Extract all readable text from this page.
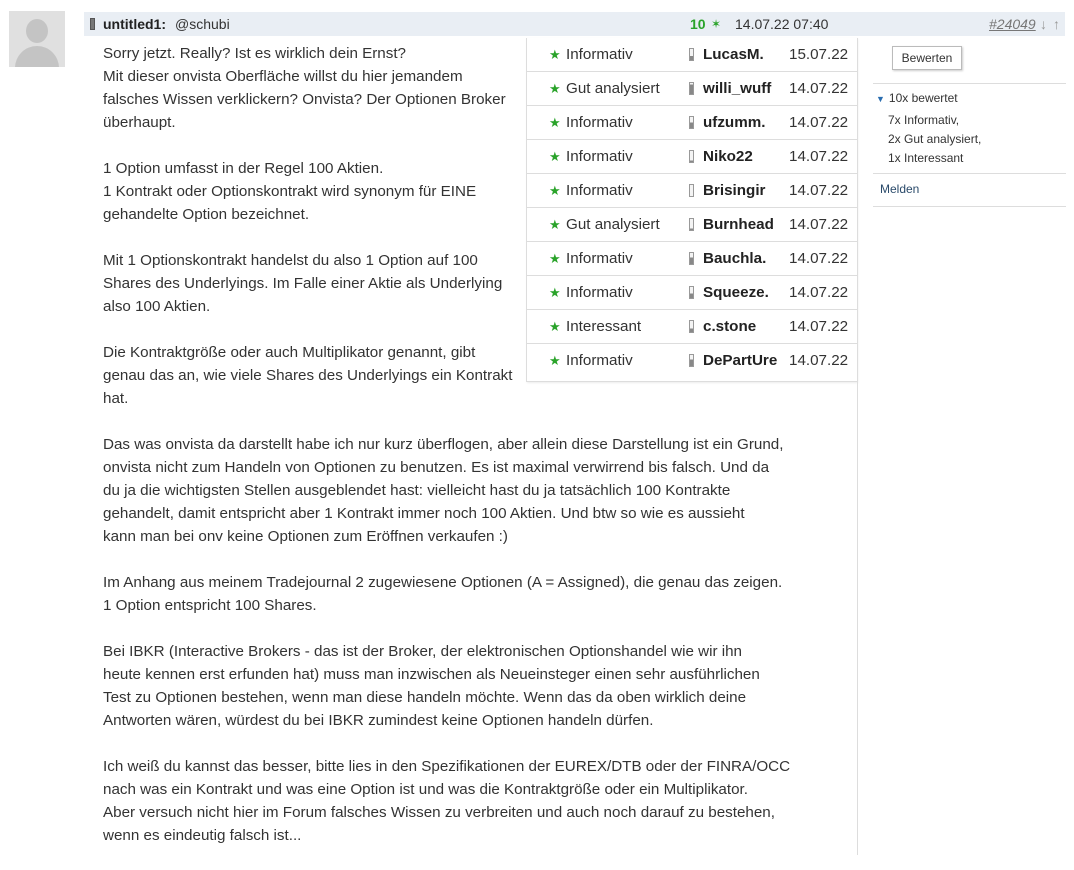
untitled1: @schubi	10 ✶ 14.07.22 07:40	#24049 ↓ ↑

Sorry jetzt. Really? Ist es wirklich dein Ernst?
Mit dieser onvista Oberfläche willst du hier jemandem
falsches Wissen verklickern? Onvista? Der Optionen Broker
überhaupt.

1 Option umfasst in der Regel 100 Aktien.
1 Kontrakt oder Optionskontrakt wird synonym für EINE
gehandelte Option bezeichnet.

Mit 1 Optionskontrakt handelst du also 1 Option auf 100
Shares des Underlyings. Im Falle einer Aktie als Underlying
also 100 Aktien.

Die Kontraktgröße oder auch Multiplikator genannt, gibt
genau das an, wie viele Shares des Underlyings ein Kontrakt
hat.

Das was onvista da darstellt habe ich nur kurz überflogen, aber allein diese Darstellung ist ein Grund,
onvista nicht zum Handeln von Optionen zu benutzen. Es ist maximal verwirrend bis falsch. Und da
du ja die wichtigsten Stellen ausgeblendet hast: vielleicht hast du ja tatsächlich 100 Kontrakte
gehandelt, damit entspricht aber 1 Kontrakt immer noch 100 Aktien. Und btw so wie es aussieht
kann man bei onv keine Optionen zum Eröffnen verkaufen :)

Im Anhang aus meinem Tradejournal 2 zugewiesene Optionen (A = Assigned), die genau das zeigen.
1 Option entspricht 100 Shares.

Bei IBKR (Interactive Brokers - das ist der Broker, der elektronischen Optionshandel wie wir ihn
heute kennen erst erfunden hat) muss man inzwischen als Neueinsteger einen sehr ausführlichen
Test zu Optionen bestehen, wenn man diese handeln möchte. Wenn das da oben wirklich deine
Antworten wären, würdest du bei IBKR zumindest keine Optionen handeln dürfen.

Ich weiß du kannst das besser, bitte lies in den Spezifikationen der EUREX/DTB oder der FINRA/OCC
nach was ein Kontrakt und was eine Option ist und was die Kontraktgröße oder ein Multiplikator.
Aber versuch nicht hier im Forum falsches Wissen zu verbreiten und auch noch darauf zu bestehen,
wenn es eindeutig falsch ist...

★ Informativ	LucasM. 15.07.22
★ Gut analysiert	willi_wuff 14.07.22
★ Informativ	ufzumm. 14.07.22
★ Informativ	Niko22 14.07.22
★ Informativ	Brisingir 14.07.22
★ Gut analysiert	Burnhead 14.07.22
★ Informativ	Bauchla. 14.07.22
★ Informativ	Squeeze. 14.07.22
★ Interessant	c.stone 14.07.22
★ Informativ	DePartUre 14.07.22
Bewerten
▼ 10x bewertet
7x Informativ,
2x Gut analysiert,
1x Interessant
Melden
